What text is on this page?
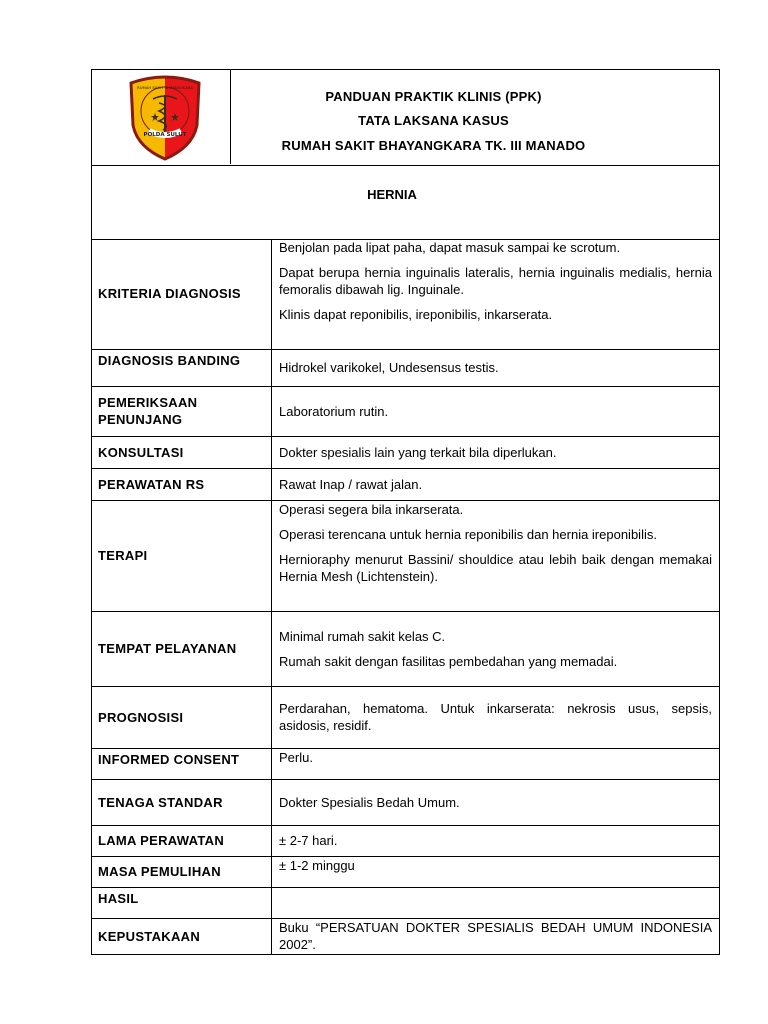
POLDA SULUT
RUMAH SAKIT BHAYANGKARA
PANDUAN PRAKTIK KLINIS (PPK)
TATA LAKSANA KASUS
RUMAH SAKIT BHAYANGKARA TK. III MANADO
HERNIA
KRITERIA DIAGNOSIS	Benjolan pada lipat paha, dapat masuk sampai ke scrotum.

Dapat berupa hernia inguinalis lateralis, hernia inguinalis medialis, hernia femoralis dibawah lig. Inguinale.

Klinis dapat reponibilis, ireponibilis, inkarserata.

DIAGNOSIS BANDING	Hidrokel varikokel, Undesensus testis.

PEMERIKSAAN PENUNJANG	Laboratorium rutin.

KONSULTASI	Dokter spesialis lain yang terkait bila diperlukan.

PERAWATAN RS	Rawat Inap / rawat jalan.

TERAPI	Operasi segera bila inkarserata.

Operasi terencana untuk hernia reponibilis dan hernia ireponibilis.

Hernioraphy menurut Bassini/ shouldice atau lebih baik dengan memakai Hernia Mesh (Lichtenstein).

TEMPAT PELAYANAN	Minimal rumah sakit kelas C.

Rumah sakit dengan fasilitas pembedahan yang memadai.

PROGNOSISI	Perdarahan, hematoma. Untuk inkarserata: nekrosis usus, sepsis, asidosis, residif.

INFORMED CONSENT	Perlu.

TENAGA STANDAR	Dokter Spesialis Bedah Umum.

LAMA PERAWATAN	± 2-7 hari.

MASA PEMULIHAN	± 1-2 minggu

HASIL	

KEPUSTAKAAN	Buku “PERSATUAN DOKTER SPESIALIS BEDAH UMUM INDONESIA 2002”.
